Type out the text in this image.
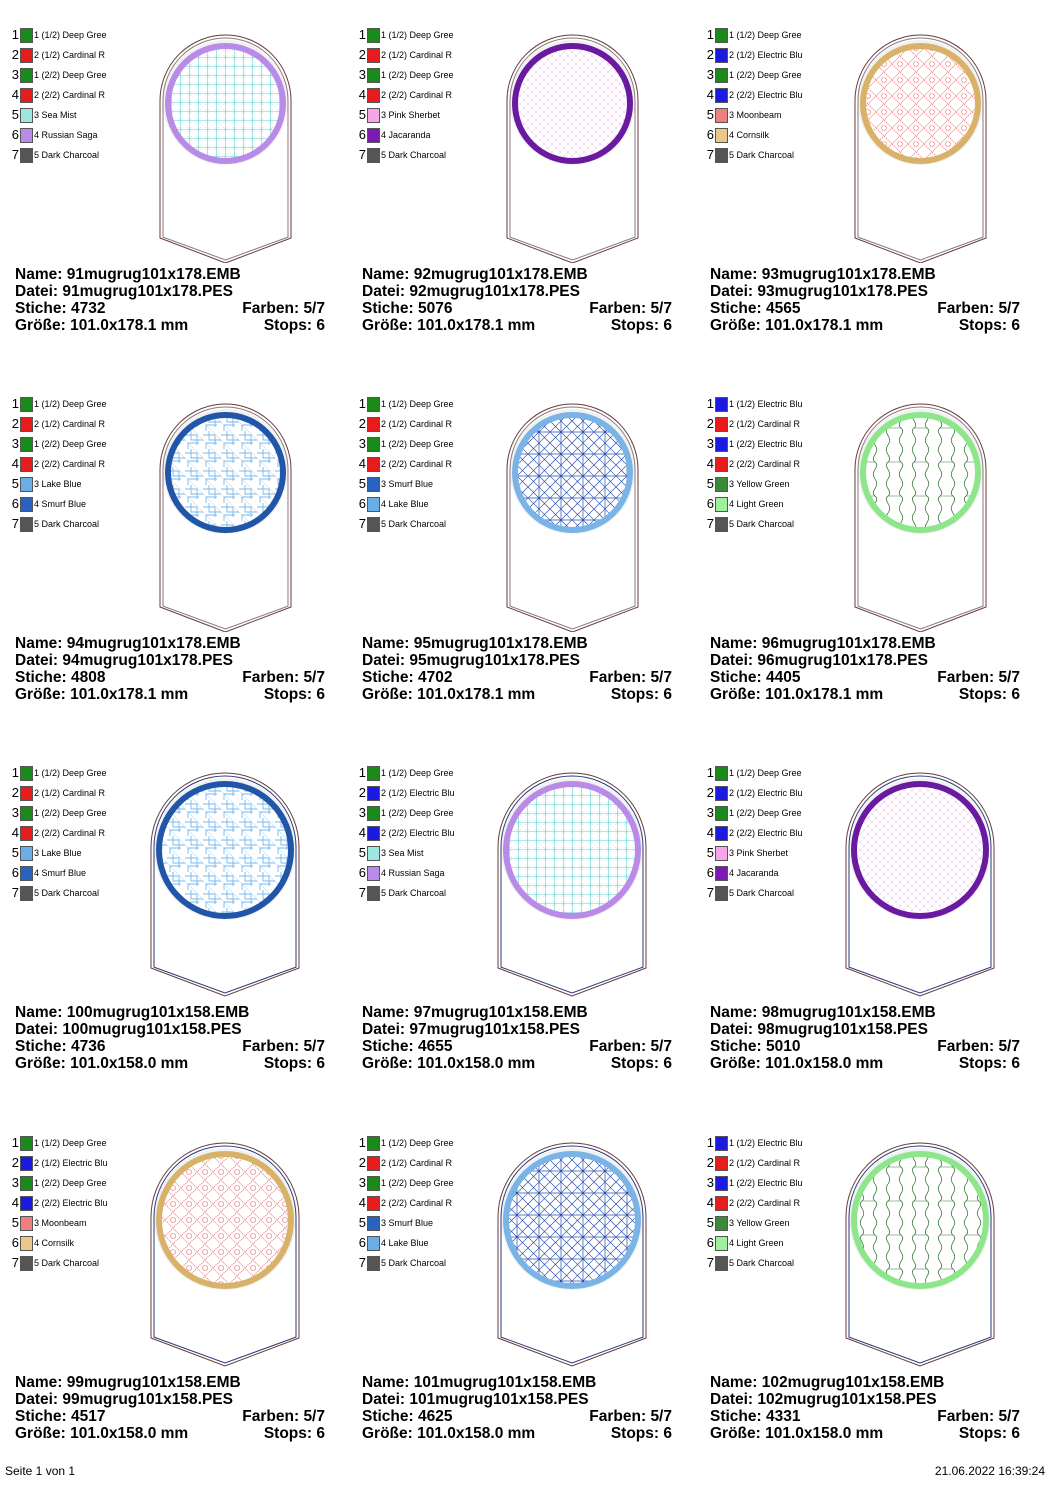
1 1 (1/2) Deep Gree
2 2 (1/2) Cardinal R
3 1 (2/2) Deep Gree
4 2 (2/2) Cardinal R
5 3 Sea Mist
6 4 Russian Saga
7 5 Dark Charcoal
Name: 91mugrug101x178.EMB
Datei: 91mugrug101x178.PES
Stiche: 4732	Farben: 5/7
Größe: 101.0x178.1 mm	Stops: 6
1 1 (1/2) Deep Gree
2 2 (1/2) Cardinal R
3 1 (2/2) Deep Gree
4 2 (2/2) Cardinal R
5 3 Pink Sherbet
6 4 Jacaranda
7 5 Dark Charcoal
Name: 92mugrug101x178.EMB
Datei: 92mugrug101x178.PES
Stiche: 5076	Farben: 5/7
Größe: 101.0x178.1 mm	Stops: 6
1 1 (1/2) Deep Gree
2 2 (1/2) Electric Blu
3 1 (2/2) Deep Gree
4 2 (2/2) Electric Blu
5 3 Moonbeam
6 4 Cornsilk
7 5 Dark Charcoal
Name: 93mugrug101x178.EMB
Datei: 93mugrug101x178.PES
Stiche: 4565	Farben: 5/7
Größe: 101.0x178.1 mm	Stops: 6
1 1 (1/2) Deep Gree
2 2 (1/2) Cardinal R
3 1 (2/2) Deep Gree
4 2 (2/2) Cardinal R
5 3 Lake Blue
6 4 Smurf Blue
7 5 Dark Charcoal
Name: 94mugrug101x178.EMB
Datei: 94mugrug101x178.PES
Stiche: 4808	Farben: 5/7
Größe: 101.0x178.1 mm	Stops: 6
1 1 (1/2) Deep Gree
2 2 (1/2) Cardinal R
3 1 (2/2) Deep Gree
4 2 (2/2) Cardinal R
5 3 Smurf Blue
6 4 Lake Blue
7 5 Dark Charcoal
Name: 95mugrug101x178.EMB
Datei: 95mugrug101x178.PES
Stiche: 4702	Farben: 5/7
Größe: 101.0x178.1 mm	Stops: 6
1 1 (1/2) Electric Blu
2 2 (1/2) Cardinal R
3 1 (2/2) Electric Blu
4 2 (2/2) Cardinal R
5 3 Yellow Green
6 4 Light Green
7 5 Dark Charcoal
Name: 96mugrug101x178.EMB
Datei: 96mugrug101x178.PES
Stiche: 4405	Farben: 5/7
Größe: 101.0x178.1 mm	Stops: 6
1 1 (1/2) Deep Gree
2 2 (1/2) Cardinal R
3 1 (2/2) Deep Gree
4 2 (2/2) Cardinal R
5 3 Lake Blue
6 4 Smurf Blue
7 5 Dark Charcoal
Name: 100mugrug101x158.EMB
Datei: 100mugrug101x158.PES
Stiche: 4736	Farben: 5/7
Größe: 101.0x158.0 mm	Stops: 6
1 1 (1/2) Deep Gree
2 2 (1/2) Electric Blu
3 1 (2/2) Deep Gree
4 2 (2/2) Electric Blu
5 3 Sea Mist
6 4 Russian Saga
7 5 Dark Charcoal
Name: 97mugrug101x158.EMB
Datei: 97mugrug101x158.PES
Stiche: 4655	Farben: 5/7
Größe: 101.0x158.0 mm	Stops: 6
1 1 (1/2) Deep Gree
2 2 (1/2) Electric Blu
3 1 (2/2) Deep Gree
4 2 (2/2) Electric Blu
5 3 Pink Sherbet
6 4 Jacaranda
7 5 Dark Charcoal
Name: 98mugrug101x158.EMB
Datei: 98mugrug101x158.PES
Stiche: 5010	Farben: 5/7
Größe: 101.0x158.0 mm	Stops: 6
1 1 (1/2) Deep Gree
2 2 (1/2) Electric Blu
3 1 (2/2) Deep Gree
4 2 (2/2) Electric Blu
5 3 Moonbeam
6 4 Cornsilk
7 5 Dark Charcoal
Name: 99mugrug101x158.EMB
Datei: 99mugrug101x158.PES
Stiche: 4517	Farben: 5/7
Größe: 101.0x158.0 mm	Stops: 6
1 1 (1/2) Deep Gree
2 2 (1/2) Cardinal R
3 1 (2/2) Deep Gree
4 2 (2/2) Cardinal R
5 3 Smurf Blue
6 4 Lake Blue
7 5 Dark Charcoal
Name: 101mugrug101x158.EMB
Datei: 101mugrug101x158.PES
Stiche: 4625	Farben: 5/7
Größe: 101.0x158.0 mm	Stops: 6
1 1 (1/2) Electric Blu
2 2 (1/2) Cardinal R
3 1 (2/2) Electric Blu
4 2 (2/2) Cardinal R
5 3 Yellow Green
6 4 Light Green
7 5 Dark Charcoal
Name: 102mugrug101x158.EMB
Datei: 102mugrug101x158.PES
Stiche: 4331	Farben: 5/7
Größe: 101.0x158.0 mm	Stops: 6
Seite 1 von 1	21.06.2022 16:39:24
